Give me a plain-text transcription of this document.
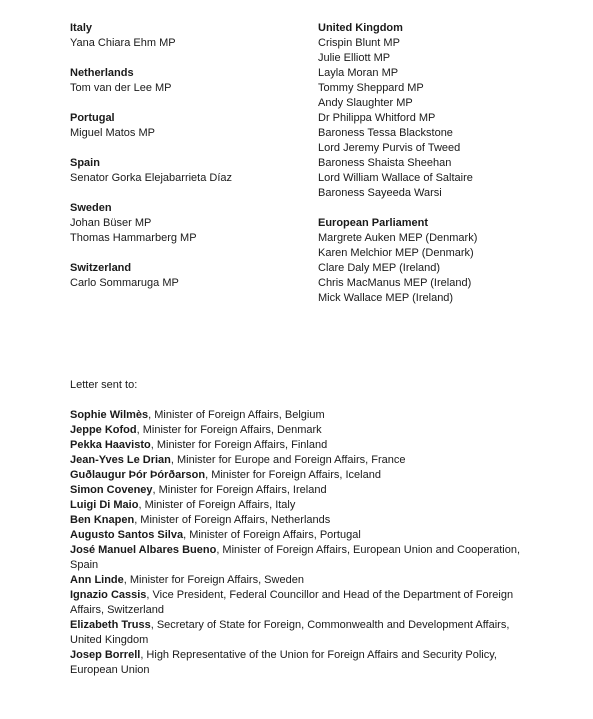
Italy
Yana Chiara Ehm MP
Netherlands
Tom van der Lee MP
Portugal
Miguel Matos MP
Spain
Senator Gorka Elejabarrieta Díaz
Sweden
Johan Büser MP
Thomas Hammarberg MP
Switzerland
Carlo Sommaruga MP
United Kingdom
Crispin Blunt MP
Julie Elliott MP
Layla Moran MP
Tommy Sheppard MP
Andy Slaughter MP
Dr Philippa Whitford MP
Baroness Tessa Blackstone
Lord Jeremy Purvis of Tweed
Baroness Shaista Sheehan
Lord William Wallace of Saltaire
Baroness Sayeeda Warsi
European Parliament
Margrete Auken MEP (Denmark)
Karen Melchior MEP (Denmark)
Clare Daly MEP (Ireland)
Chris MacManus MEP (Ireland)
Mick Wallace MEP (Ireland)
Letter sent to:
Sophie Wilmès, Minister of Foreign Affairs, Belgium
Jeppe Kofod, Minister for Foreign Affairs, Denmark
Pekka Haavisto, Minister for Foreign Affairs, Finland
Jean-Yves Le Drian, Minister for Europe and Foreign Affairs, France
Guðlaugur Þór Þórðarson, Minister for Foreign Affairs, Iceland
Simon Coveney, Minister for Foreign Affairs, Ireland
Luigi Di Maio, Minister of Foreign Affairs, Italy
Ben Knapen, Minister of Foreign Affairs, Netherlands
Augusto Santos Silva, Minister of Foreign Affairs, Portugal
José Manuel Albares Bueno, Minister of Foreign Affairs, European Union and Cooperation, Spain
Ann Linde, Minister for Foreign Affairs, Sweden
Ignazio Cassis, Vice President, Federal Councillor and Head of the Department of Foreign Affairs, Switzerland
Elizabeth Truss, Secretary of State for Foreign, Commonwealth and Development Affairs, United Kingdom
Josep Borrell, High Representative of the Union for Foreign Affairs and Security Policy, European Union
